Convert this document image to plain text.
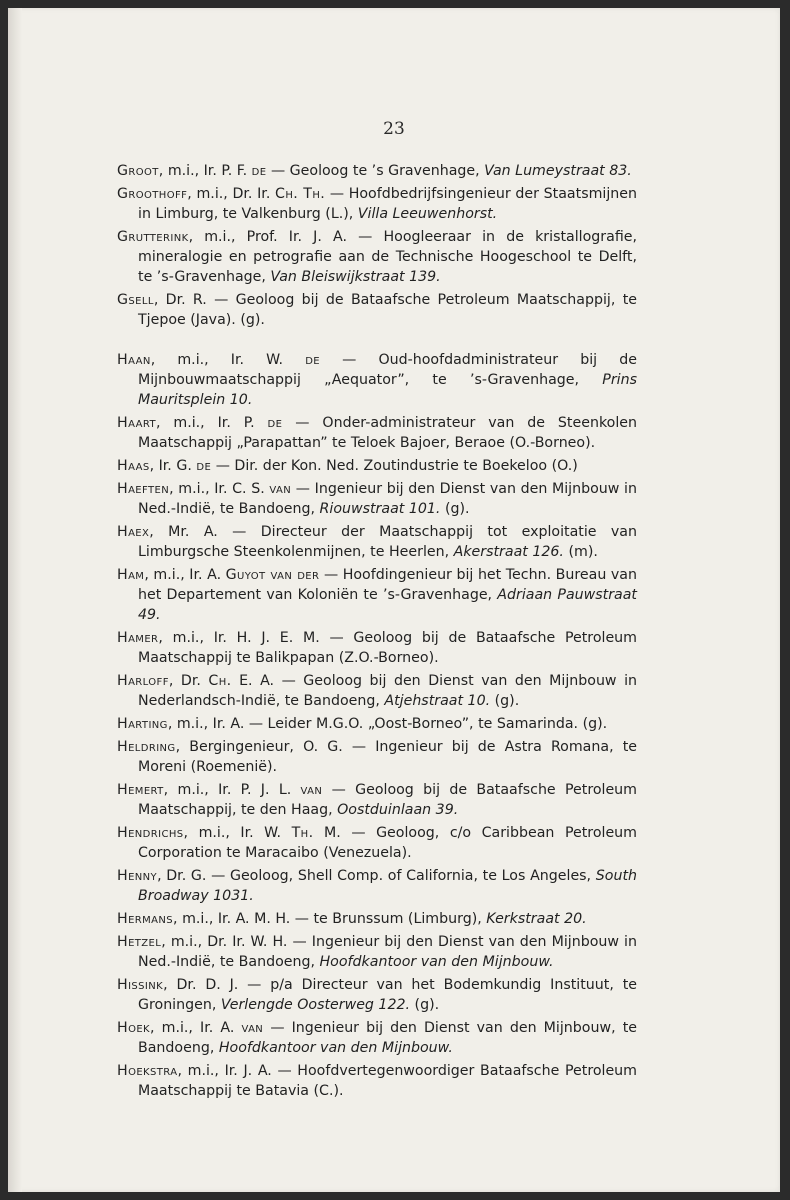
23
Groot, m.i., Ir. P. F. de — Geoloog te ’s Gravenhage, Van Lumeystraat 83.
Groothoff, m.i., Dr. Ir. Ch. Th. — Hoofdbedrijfsingenieur der Staatsmijnen in Limburg, te Valkenburg (L.), Villa Leeuwenhorst.
Grutterink, m.i., Prof. Ir. J. A. — Hoogleeraar in de kristallografie, mineralogie en petrografie aan de Technische Hoogeschool te Delft, te ’s-Gravenhage, Van Bleiswijkstraat 139.
Gsell, Dr. R. — Geoloog bij de Bataafsche Petroleum Maatschappij, te Tjepoe (Java). (g).
Haan, m.i., Ir. W. de — Oud-hoofdadministrateur bij de Mijnbouwmaatschappij „Aequator”, te ’s-Gravenhage, Prins Mauritsplein 10.
Haart, m.i., Ir. P. de — Onder-administrateur van de Steenkolen Maatschappij „Parapattan” te Teloek Bajoer, Beraoe (O.-Borneo).
Haas, Ir. G. de — Dir. der Kon. Ned. Zoutindustrie te Boekeloo (O.)
Haeften, m.i., Ir. C. S. van — Ingenieur bij den Dienst van den Mijnbouw in Ned.-Indië, te Bandoeng, Riouwstraat 101. (g).
Haex, Mr. A. — Directeur der Maatschappij tot exploitatie van Limburgsche Steenkolenmijnen, te Heerlen, Akerstraat 126. (m).
Ham, m.i., Ir. A. Guyot van der — Hoofdingenieur bij het Techn. Bureau van het Departement van Koloniën te ’s-Gravenhage, Adriaan Pauwstraat 49.
Hamer, m.i., Ir. H. J. E. M. — Geoloog bij de Bataafsche Petroleum Maatschappij te Balikpapan (Z.O.-Borneo).
Harloff, Dr. Ch. E. A. — Geoloog bij den Dienst van den Mijnbouw in Nederlandsch-Indië, te Bandoeng, Atjehstraat 10. (g).
Harting, m.i., Ir. A. — Leider M.G.O. „Oost-Borneo”, te Samarinda. (g).
Heldring, Bergingenieur, O. G. — Ingenieur bij de Astra Romana, te Moreni (Roemenië).
Hemert, m.i., Ir. P. J. L. van — Geoloog bij de Bataafsche Petroleum Maatschappij, te den Haag, Oostduinlaan 39.
Hendrichs, m.i., Ir. W. Th. M. — Geoloog, c/o Caribbean Petroleum Corporation te Maracaibo (Venezuela).
Henny, Dr. G. — Geoloog, Shell Comp. of California, te Los Angeles, South Broadway 1031.
Hermans, m.i., Ir. A. M. H. — te Brunssum (Limburg), Kerkstraat 20.
Hetzel, m.i., Dr. Ir. W. H. — Ingenieur bij den Dienst van den Mijnbouw in Ned.-Indië, te Bandoeng, Hoofdkantoor van den Mijnbouw.
Hissink, Dr. D. J. — p/a Directeur van het Bodemkundig Instituut, te Groningen, Verlengde Oosterweg 122. (g).
Hoek, m.i., Ir. A. van — Ingenieur bij den Dienst van den Mijnbouw, te Bandoeng, Hoofdkantoor van den Mijnbouw.
Hoekstra, m.i., Ir. J. A. — Hoofdvertegenwoordiger Bataafsche Petroleum Maatschappij te Batavia (C.).
